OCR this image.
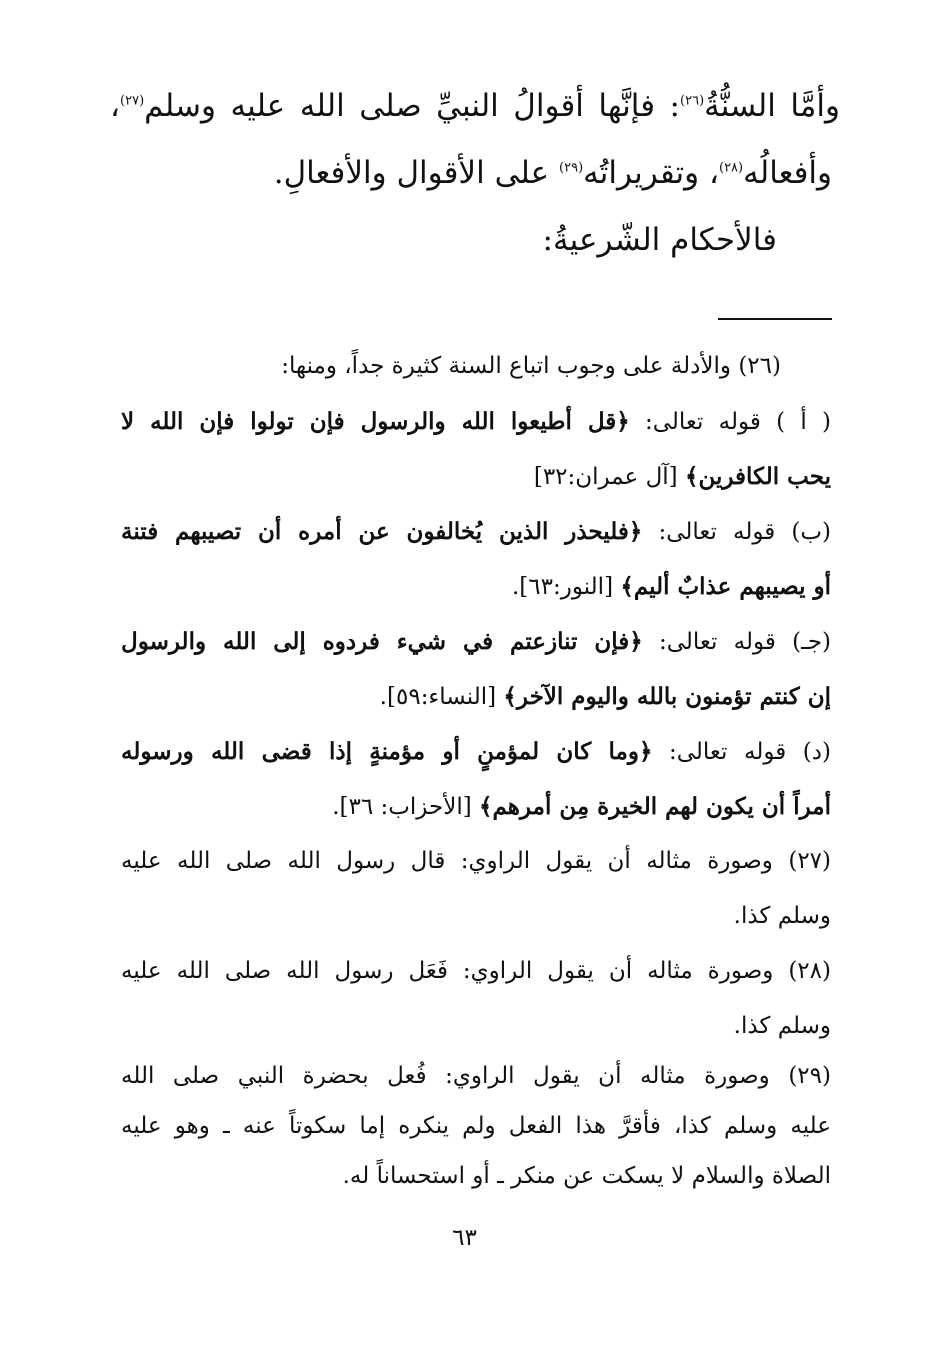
وأمَّا السنُّةُ$^{(٢٦)}$: فإنَّها أقوالُ النبيِّ صلى الله عليه وسلم$^{(٢٧)}$،
وأفعالُه$^{(٢٨)}$، وتقريراتُه$^{(٢٩)}$ على الأقوال والأفعالِ.
فالأحكام الشّرعيةُ:
(٢٦) والأدلة على وجوب اتباع السنة كثيرة جداً، ومنها:
( أ ) قوله تعالى: ﴿قل أطيعوا الله والرسول فإن تولوا فإن الله لا
يحب الكافرين﴾ [آل عمران:٣٢]
(ب) قوله تعالى: ﴿فليحذر الذين يُخالفون عن أمره أن تصيبهم فتنة
أو يصيبهم عذابٌ أليم﴾ [النور:٦٣].
(جـ) قوله تعالى: ﴿فإن تنازعتم في شيء فردوه إلى الله والرسول
إن كنتم تؤمنون بالله واليوم الآخر﴾ [النساء:٥٩].
(د) قوله تعالى: ﴿وما كان لمؤمنٍ أو مؤمنةٍ إذا قضى الله ورسوله
أمراً أن يكون لهم الخيرة مِن أمرهم﴾ [الأحزاب: ٣٦].
(٢٧) وصورة مثاله أن يقول الراوي: قال رسول الله صلى الله عليه
وسلم كذا.
(٢٨) وصورة مثاله أن يقول الراوي: فَعَل رسول الله صلى الله عليه
وسلم كذا.
(٢٩) وصورة مثاله أن يقول الراوي: فُعل بحضرة النبي صلى الله
عليه وسلم كذا، فأقرَّ هذا الفعل ولم ينكره إما سكوتاً عنه ـ وهو عليه
الصلاة والسلام لا يسكت عن منكر ـ أو استحساناً له.
٦٣
